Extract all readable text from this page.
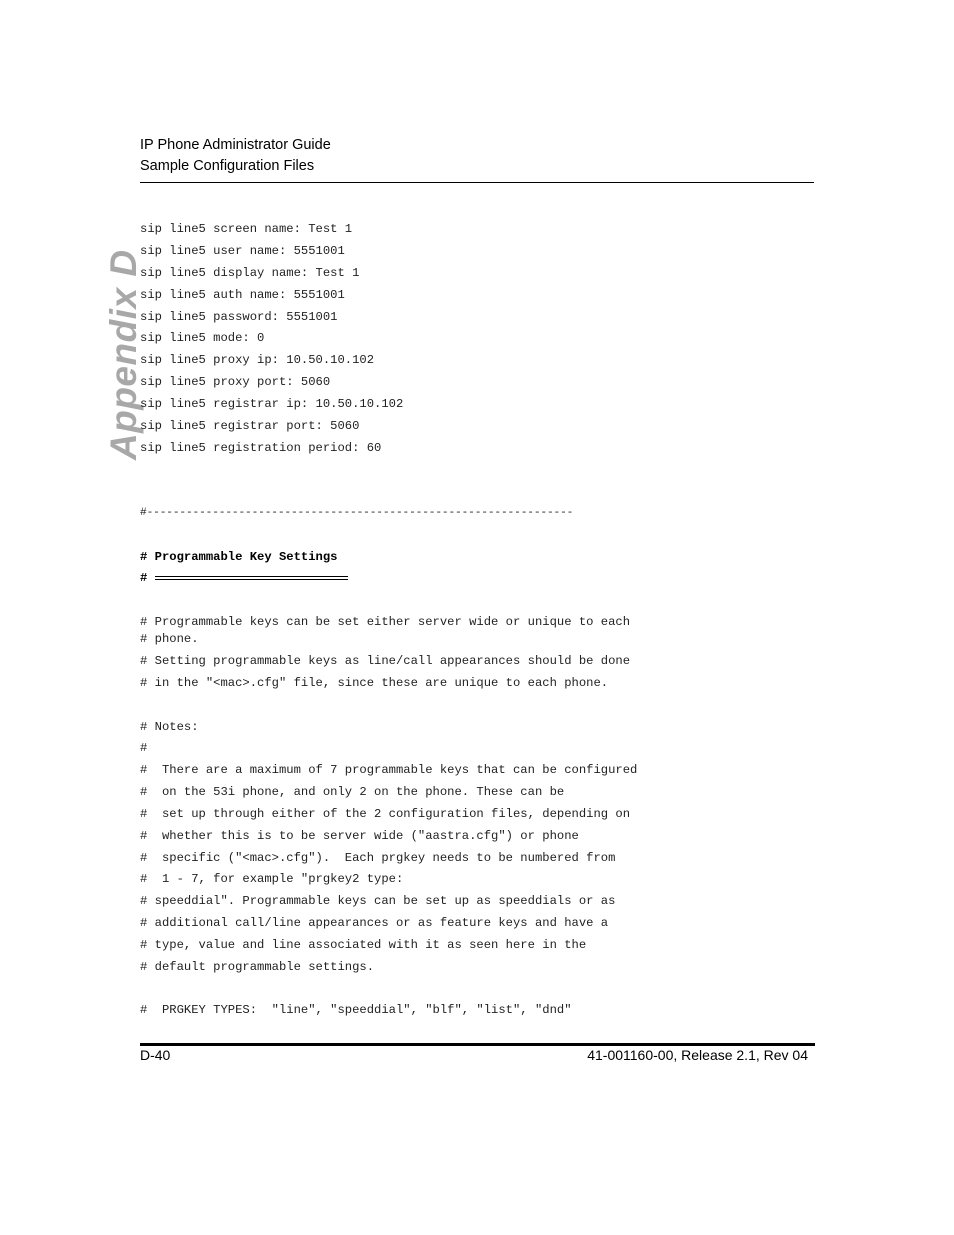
IP Phone Administrator Guide
Sample Configuration Files
Appendix D
sip line5 screen name: Test 1
sip line5 user name: 5551001
sip line5 display name: Test 1
sip line5 auth name: 5551001
sip line5 password: 5551001
sip line5 mode: 0
sip line5 proxy ip: 10.50.10.102
sip line5 proxy port: 5060
sip line5 registrar ip: 10.50.10.102
sip line5 registrar port: 5060
sip line5 registration period: 60
#-----------------------------------------------------------------
# Programmable Key Settings
#
# Programmable keys can be set either server wide or unique to each
# phone.
# Setting programmable keys as line/call appearances should be done
# in the "<mac>.cfg" file, since these are unique to each phone.
# Notes:
#
#  There are a maximum of 7 programmable keys that can be configured
#  on the 53i phone, and only 2 on the phone. These can be
#  set up through either of the 2 configuration files, depending on
#  whether this is to be server wide ("aastra.cfg") or phone
#  specific ("<mac>.cfg").  Each prgkey needs to be numbered from
#  1 - 7, for example "prgkey2 type:
# speeddial". Programmable keys can be set up as speeddials or as
# additional call/line appearances or as feature keys and have a
# type, value and line associated with it as seen here in the
# default programmable settings.
#  PRGKEY TYPES:  "line", "speeddial", "blf", "list", "dnd"
D-40	41-001160-00, Release 2.1, Rev 04
